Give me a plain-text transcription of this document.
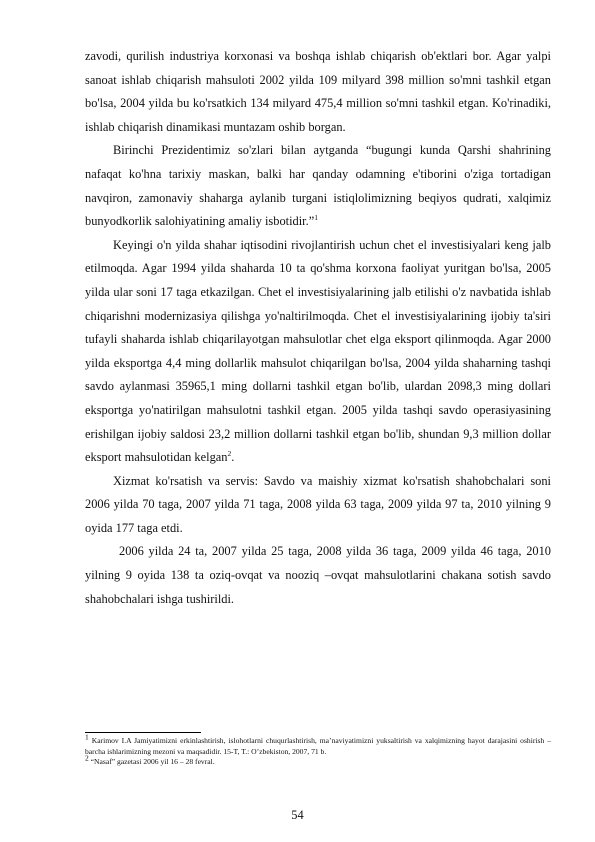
zavodi, qurilish industriya korxonasi va boshqa ishlab chiqarish ob'ektlari bor. Agar yalpi sanoat ishlab chiqarish mahsuloti 2002 yilda 109 milyard 398 million so'mni tashkil etgan bo'lsa, 2004 yilda bu ko'rsatkich 134 milyard 475,4 million so'mni tashkil etgan. Ko'rinadiki, ishlab chiqarish dinamikasi muntazam oshib borgan.

Birinchi Prezidentimiz so'zlari bilan aytganda “bugungi kunda Qarshi shahrining nafaqat ko'hna tarixiy maskan, balki har qanday odamning e'tiborini o'ziga tortadigan navqiron, zamonaviy shaharga aylanib turgani istiqlolimizning beqiyos qudrati, xalqimiz bunyodkorlik salohiyatining amaliy isbotidir.”$^1$

Keyingi o'n yilda shahar iqtisodini rivojlantirish uchun chet el investisiyalari keng jalb etilmoqda. Agar 1994 yilda shaharda 10 ta qo'shma korxona faoliyat yuritgan bo'lsa, 2005 yilda ular soni 17 taga etkazilgan. Chet el investisiyalarining jalb etilishi o'z navbatida ishlab chiqarishni modernizasiya qilishga yo'naltirilmoqda. Chet el investisiyalarining ijobiy ta'siri tufayli shaharda ishlab chiqarilayotgan mahsulotlar chet elga eksport qilinmoqda. Agar 2000 yilda eksportga 4,4 ming dollarlik mahsulot chiqarilgan bo'lsa, 2004 yilda shaharning tashqi savdo aylanmasi 35965,1 ming dollarni tashkil etgan bo'lib, ulardan 2098,3 ming dollari eksportga yo'natirilgan mahsulotni tashkil etgan. 2005 yilda tashqi savdo operasiyasining erishilgan ijobiy saldosi 23,2 million dollarni tashkil etgan bo'lib, shundan 9,3 million dollar eksport mahsulotidan kelgan$^2$.

Xizmat ko'rsatish va servis: Savdo va maishiy xizmat ko'rsatish shahobchalari soni 2006 yilda 70 taga, 2007 yilda 71 taga, 2008 yilda 63 taga, 2009 yilda 97 ta, 2010 yilning 9 oyida 177 taga etdi.

2006 yilda 24 ta, 2007 yilda 25 taga, 2008 yilda 36 taga, 2009 yilda 46 taga, 2010 yilning 9 oyida 138 ta oziq-ovqat va nooziq –ovqat mahsulotlarini chakana sotish savdo shahobchalari ishga tushirildi.

$^1$ Karimov I.A Jamiyatimizni erkinlashtirish, islohotlarni chuqurlashtirish, ma’naviyatimizni yuksaltirish va xalqimizning hayot darajasini oshirish –barcha ishlarimizning mezoni va maqsadidir. 15-T, T.: O’zbekiston, 2007, 71 b.

$^2$ “Nasaf” gazetasi 2006 yil 16 – 28 fevral.

54
